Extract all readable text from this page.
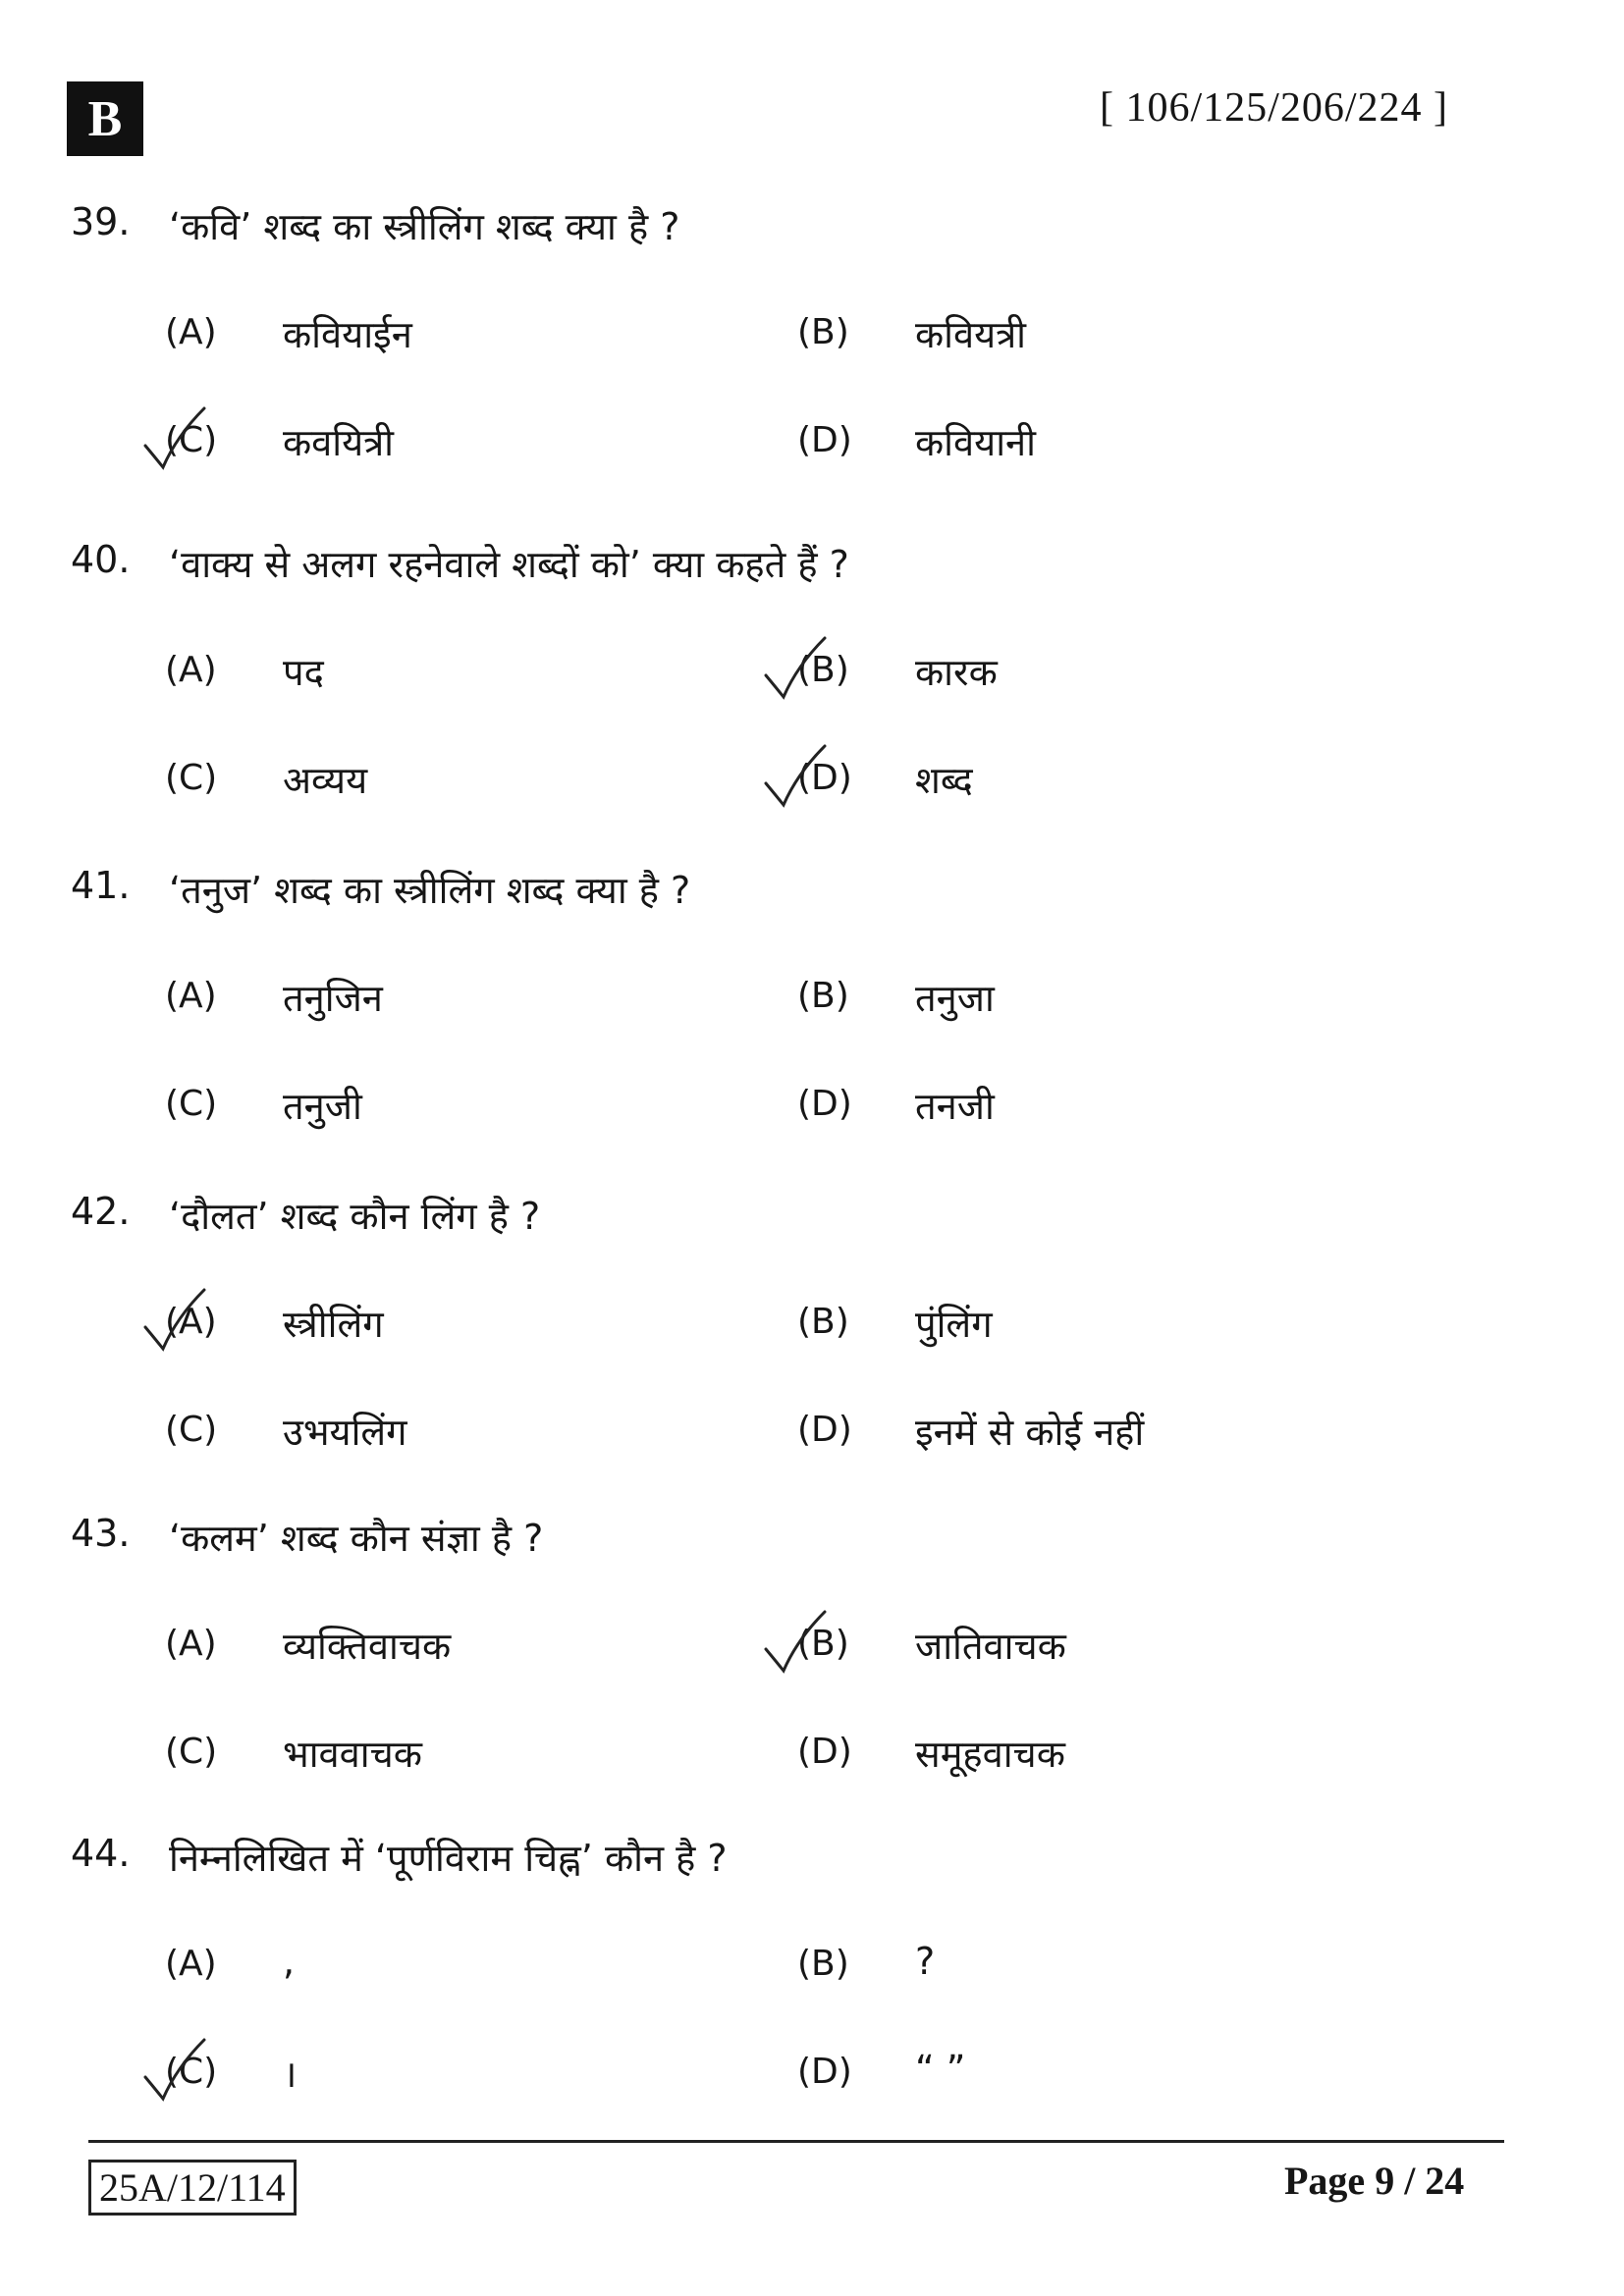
B	[ 106/125/206/224 ]
39. ‘कवि’ शब्द का स्त्रीलिंग शब्द क्या है ?
(A) कवियाईन	(B) कवियत्री
(C) कवयित्री	(D) कवियानी
40. ‘वाक्य से अलग रहनेवाले शब्दों को’ क्या कहते हैं ?
(A) पद	(B) कारक
(C) अव्यय	(D) शब्द
41. ‘तनुज’ शब्द का स्त्रीलिंग शब्द क्या है ?
(A) तनुजिन	(B) तनुजा
(C) तनुजी	(D) तनजी
42. ‘दौलत’ शब्द कौन लिंग है ?
(A) स्त्रीलिंग	(B) पुंलिंग
(C) उभयलिंग	(D) इनमें से कोई नहीं
43. ‘कलम’ शब्द कौन संज्ञा है ?
(A) व्यक्तिवाचक	(B) जातिवाचक
(C) भाववाचक	(D) समूहवाचक
44. निम्नलिखित में ‘पूर्णविराम चिह्न’ कौन है ?
(A) ,	(B) ?
(C) ।	(D) “ ”
25A/12/114	Page 9 / 24
